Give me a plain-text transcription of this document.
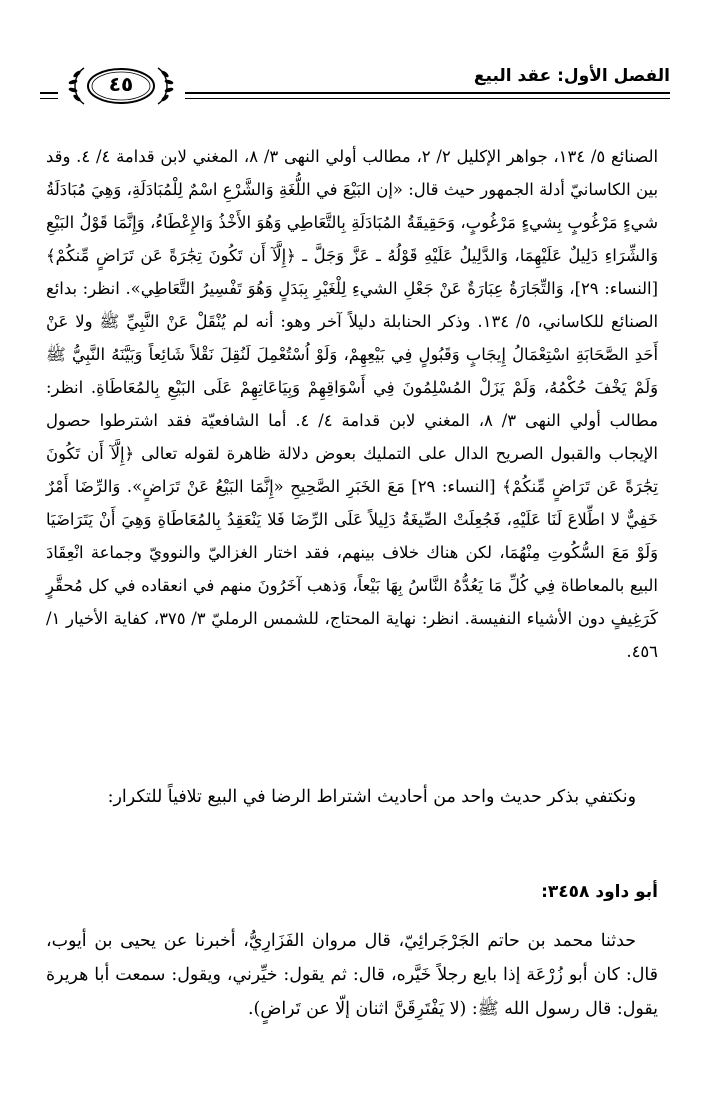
الفصل الأول: عقد البيع
٤٥

الصنائع ٥/ ١٣٤، جواهر الإكليل ٢/ ٢، مطالب أولي النهى ٣/ ٨، المغني لابن قدامة ٤/ ٤. وقد بين الكاسانيّ أدلة الجمهور حيث قال: «إن البَيْعَ في اللُّغَةِ وَالشَّرْعِ اسْمٌ لِلْمُبَادَلَةِ، وَهِيَ مُبَادَلَةُ شيءٍ مَرْغُوبٍ بِشيءٍ مَرْغُوبٍ، وَحَقِيقَةُ المُبَادَلَةِ بِالتَّعَاطِي وَهُوَ الأَخْذُ وَالإِعْطَاءُ، وَإِنَّمَا قَوْلُ البَيْعِ وَالشِّرَاءِ دَلِيلٌ عَلَيْهِمَا، وَالدَّلِيلُ عَلَيْهِ قَوْلُهُ ـ عَزَّ وَجَلَّ ـ ﴿إِلَّآ أَن تَكُونَ تِجَٰرَةً عَن تَرَاضٍ مِّنكُمْ﴾ [النساء: ٢٩]، وَالتِّجَارَةُ عِبَارَةٌ عَنْ جَعْلِ الشيءِ لِلْغَيْرِ بِبَدَلٍ وَهُوَ تَفْسِيرُ التَّعَاطِي». انظر: بدائع الصنائع للكاساني، ٥/ ١٣٤. وذكر الحنابلة دليلاً آخر وهو: أنه لم يُنْقَلْ عَنْ النَّبِيِّ ﷺ ولا عَنْ أَحَدِ الصَّحَابَةِ اسْتِعْمَالُ إِيجَابٍ وَقَبُولٍ فِي بَيْعِهِمْ، وَلَوْ اُسْتُعْمِلَ لَنُقِلَ نَقْلاً شَائِعاً وَبَيَّنَهُ النَّبِيُّ ﷺ وَلَمْ يَخْفَ حُكْمُهُ، وَلَمْ يَزَلْ المُسْلِمُونَ فِي أَسْوَاقِهِمْ وَبِيَاعَاتِهِمْ عَلَى البَيْعِ بِالمُعَاطَاةِ. انظر: مطالب أولي النهى ٣/ ٨، المغني لابن قدامة ٤/ ٤. أما الشافعيّة فقد اشترطوا حصول الإيجاب والقبول الصريح الدال على التمليك بعوض دلالة ظاهرة لقوله تعالى ﴿إِلَّآ أَن تَكُونَ تِجَٰرَةً عَن تَرَاضٍ مِّنكُمْ﴾ [النساء: ٢٩] مَعَ الخَبَرِ الصَّحِيحِ «إِنَّمَا البَيْعُ عَنْ تَرَاضٍ». وَالرِّضَا أَمْرٌ خَفِيٌّ لا اطِّلاعَ لَنَا عَلَيْهِ، فَجُعِلَتْ الصِّيغَةُ دَلِيلاً عَلَى الرِّضَا فَلا يَنْعَقِدُ بِالمُعَاطَاةِ وَهِيَ أَنْ يَتَرَاضَيَا وَلَوْ مَعَ السُّكُوتِ مِنْهُمَا، لكن هناك خلاف بينهم، فقد اختار الغزاليّ والنوويّ وجماعة انْعِقَادَ البيع بالمعاطاة فِي كُلِّ مَا يَعُدُّهُ النَّاسُ بِهَا بَيْعاً، وَذهب آخَرُونَ منهم في انعقاده في كل مُحقَّرٍ كَرَغِيفٍ دون الأشياء النفيسة. انظر: نهاية المحتاج، للشمس الرمليّ ٣/ ٣٧٥، كفاية الأخيار ١/ ٤٥٦.

ونكتفي بذكر حديث واحد من أحاديث اشتراط الرضا في البيع تلافياً للتكرار:

أبو داود ٣٤٥٨:

حدثنا محمد بن حاتم الجَرْجَرائِيّ، قال مروان الفَزَارِيُّ، أخبرنا عن يحيى بن أيوب، قال: كان أبو زُرْعَة إذا بايع رجلاً خَيَّره، قال: ثم يقول: خيِّرني، ويقول: سمعت أبا هريرة يقول: قال رسول الله ﷺ: (لا يَفْتَرِقَنَّ اثنان إلّا عن تَراضٍ).
